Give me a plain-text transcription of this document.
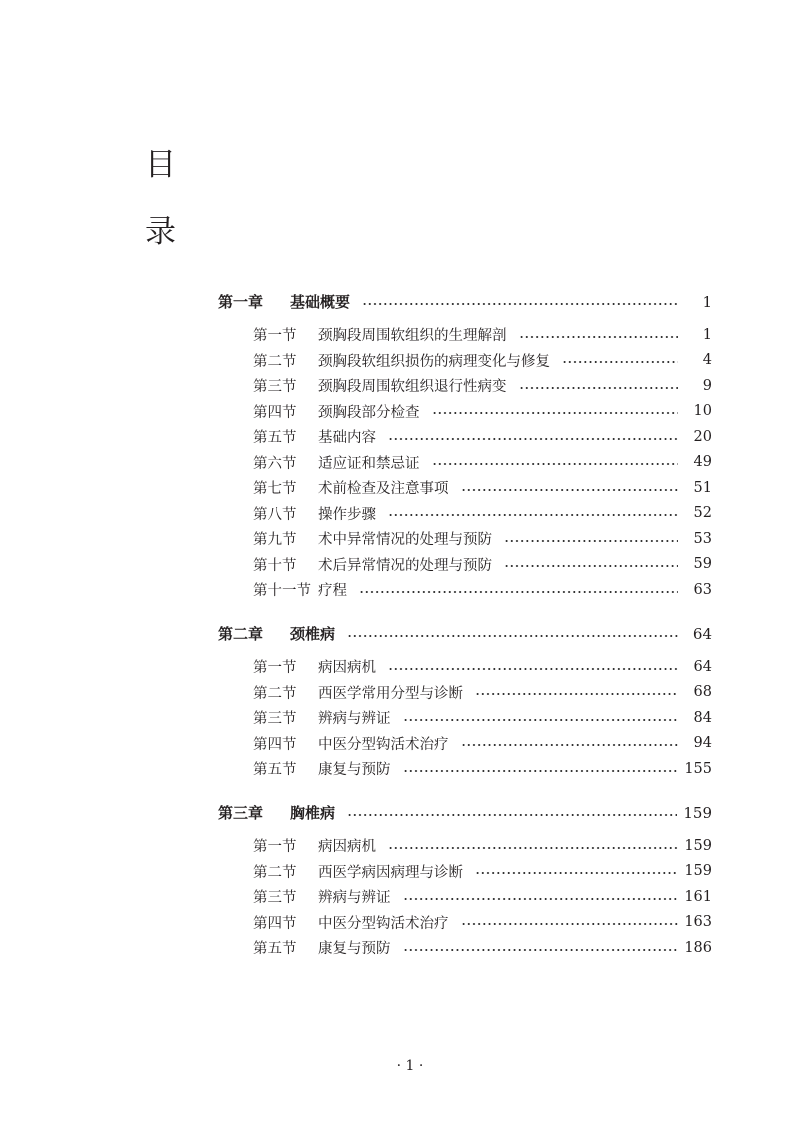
目
录
第一章	基础概要	1
第一节	颈胸段周围软组织的生理解剖	1
第二节	颈胸段软组织损伤的病理变化与修复	4
第三节	颈胸段周围软组织退行性病变	9
第四节	颈胸段部分检查	10
第五节	基础内容	20
第六节	适应证和禁忌证	49
第七节	术前检查及注意事项	51
第八节	操作步骤	52
第九节	术中异常情况的处理与预防	53
第十节	术后异常情况的处理与预防	59
第十一节 疗程	63
第二章	颈椎病	64
第一节	病因病机	64
第二节	西医学常用分型与诊断	68
第三节	辨病与辨证	84
第四节	中医分型钩活术治疗	94
第五节	康复与预防	155
第三章	胸椎病	159
第一节	病因病机	159
第二节	西医学病因病理与诊断	159
第三节	辨病与辨证	161
第四节	中医分型钩活术治疗	163
第五节	康复与预防	186
· 1 ·
